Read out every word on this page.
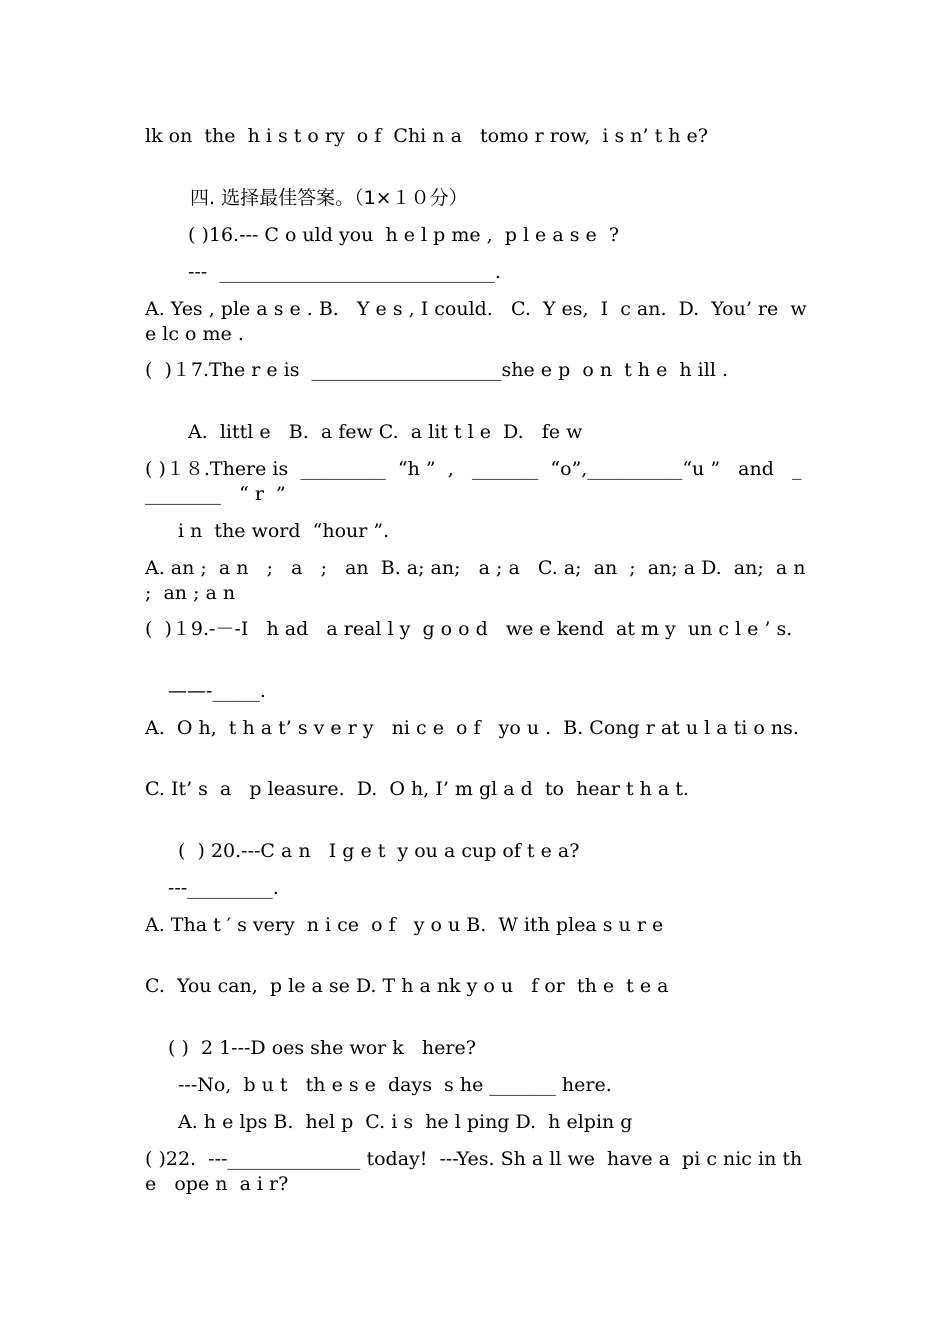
lk on  the  h i s t o ry  o f  Chi n a   tomo r row,  i s n’ t h e?
四. 选择最佳答案。（1×１０分）
( )16.--- C o uld you  h e l p me ,  p l e a s e  ?
---  _____________________________.
A. Yes , ple a s e . B.   Y e s , I could.   C.  Y es,  I  c an.  D.  You’ re  w e lc o me .
(  )１7.The r e is  ____________________she e p  o n  t h e  h ill .
A.  littl e   B.  a few C.  a lit t l e  D.   fe w
( )１８.There is  _________  “h ”  ,   _______  “o”,__________“u ”   and   _________   “ r  ”
i n  the word  “hour ”.
A. an ;  a n   ;   a   ;   an  B. a; an;   a ; a   C. a;  an  ;  an; a D.  an;  a n  ;  an ; a n
(  )１9.-－-I   h ad   a real l y  g o o d   we e kend  at m y  un c l e ’ s.
——-_____.
A.  O h,  t h a t’ s v e r y   ni c e  o f   yo u .  B. Cong r at u l a ti o ns.
C. It’ s  a   p leasure.  D.  O h, I’ m gl a d  to  hear t h a t.
(  ) 20.---C a n   I g e t  y ou a cup of t e a?
---_________.
A. Tha t ′ s very  n i ce  o f   y o u B.  W ith plea s u r e
C.  You can,  p le a se D. T h a nk y o u   f or  th e  t e a
( )  2 1---D oes she wor k   here?
---No,  b u t   th e s e  days  s he _______ here.
A. h e lps B.  hel p  C. i s  he l ping D.  h elpin g
( )22.  ---______________ today!  ---Yes. Sh a ll we  have a  pi c nic in th e   ope n  a i r?
